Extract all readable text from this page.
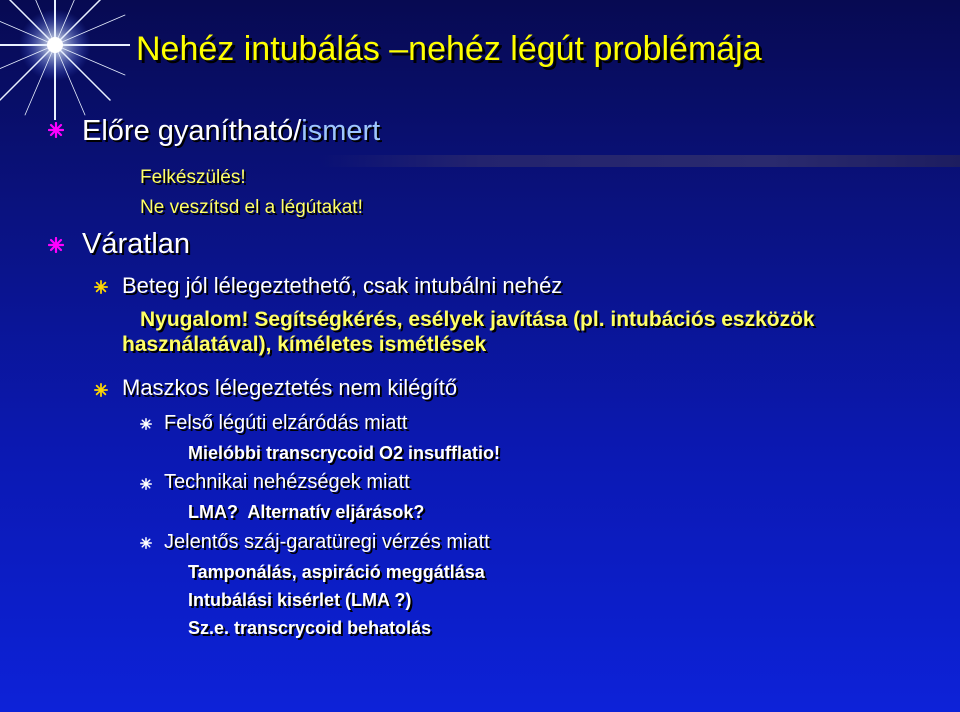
Nehéz intubálás –nehéz légút problémája
Előre gyanítható/ismert
Felkészülés!
Ne veszítsd el a légútakat!
Váratlan
Beteg jól lélegeztethető, csak intubálni nehéz
Nyugalom! Segítségkérés, esélyek javítása (pl. intubációs eszközök
használatával), kíméletes ismétlések
Maszkos lélegeztetés nem kilégítő
Felső légúti elzáródás miatt
Mielóbbi transcrycoid O2 insufflatio!
Technikai nehézségek miatt
LMA?  Alternatív eljárások?
Jelentős száj-garatüregi vérzés miatt
Tamponálás, aspiráció meggátlása
Intubálási kisérlet (LMA ?)
Sz.e. transcrycoid behatolás
